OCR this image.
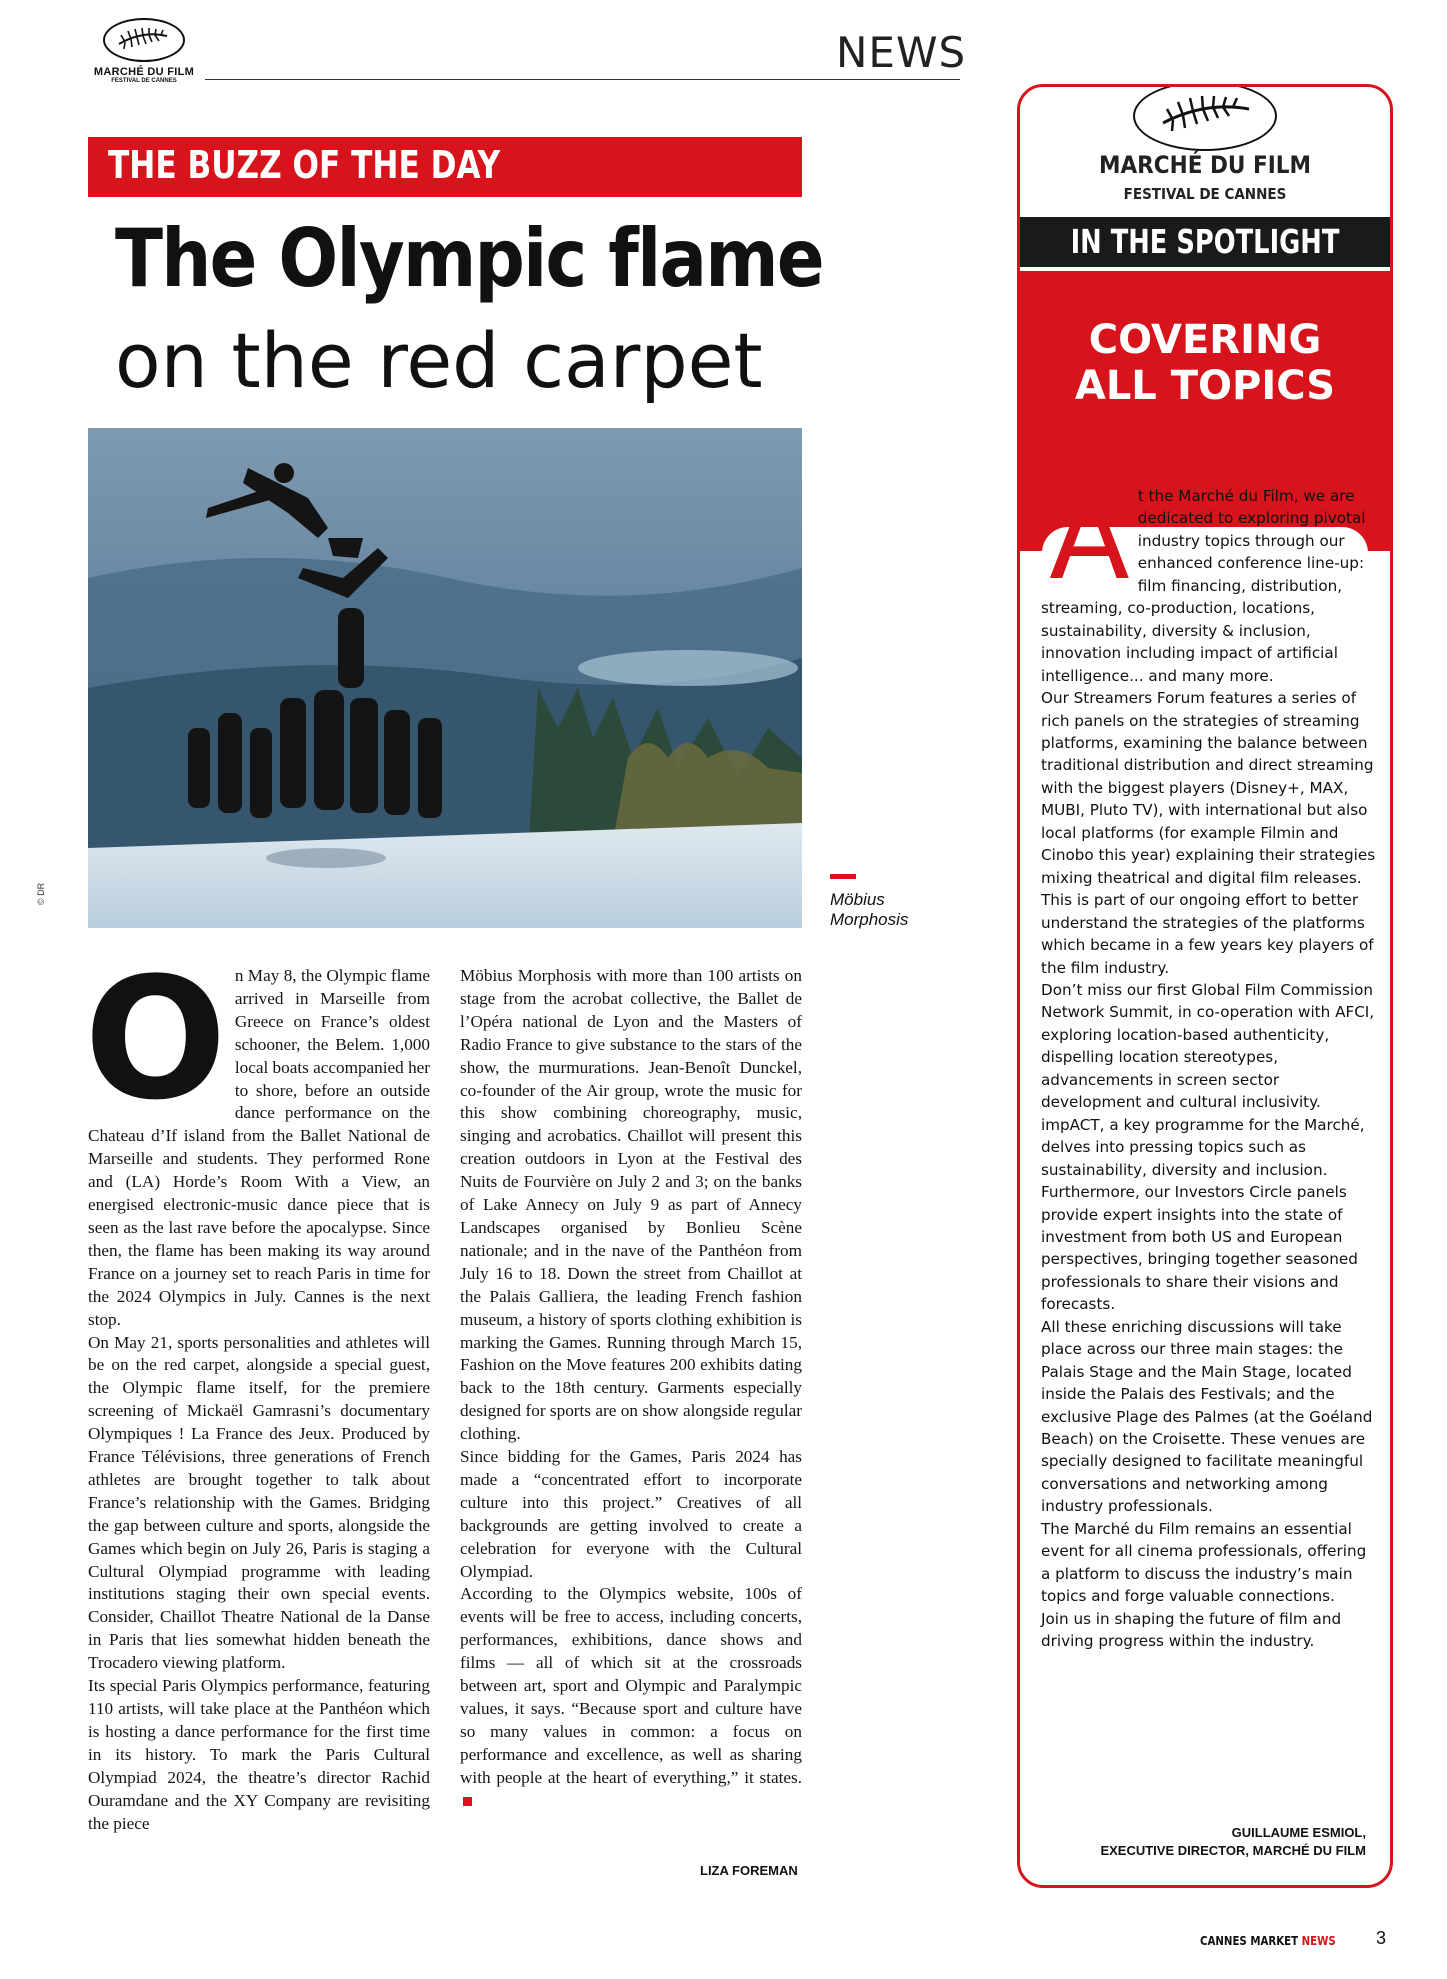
MARCHÉ DU FILM
FESTIVAL DE CANNES
NEWS
THE BUZZ OF THE DAY
The Olympic flame
on the red carpet
© DR	Möbius Morphosis
O n May 8, the Olympic flame arrived in Marseille from Greece on France’s oldest schooner, the Belem. 1,000 local boats accompanied her to shore, before an outside dance performance on the Chateau d’If island from the Ballet National de Marseille and students. They performed Rone and (LA) Horde’s Room With a View, an energised electronic-music dance piece that is seen as the last rave before the apocalypse. Since then, the flame has been making its way around France on a journey set to reach Paris in time for the 2024 Olympics in July. Cannes is the next stop.

On May 21, sports personalities and athletes will be on the red carpet, alongside a special guest, the Olympic flame itself, for the premiere screening of Mickaël Gamrasni’s documentary Olympiques ! La France des Jeux. Produced by France Télévisions, three generations of French athletes are brought together to talk about France’s relationship with the Games. Bridging the gap between culture and sports, alongside the Games which begin on July 26, Paris is staging a Cultural Olympiad programme with leading institutions staging their own special events. Consider, Chaillot Theatre National de la Danse in Paris that lies somewhat hidden beneath the Trocadero viewing platform.

Its special Paris Olympics performance, featuring 110 artists, will take place at the Panthéon which is hosting a dance performance for the first time in its history. To mark the Paris Cultural Olympiad 2024, the theatre’s director Rachid Ouramdane and the XY Company are revisiting the piece

Möbius Morphosis with more than 100 artists on stage from the acrobat collective, the Ballet de l’Opéra national de Lyon and the Masters of Radio France to give substance to the stars of the show, the murmurations. Jean-Benoît Dunckel, co-founder of the Air group, wrote the music for this show combining choreography, music, singing and acrobatics. Chaillot will present this creation outdoors in Lyon at the Festival des Nuits de Fourvière on July 2 and 3; on the banks of Lake Annecy on July 9 as part of Annecy Landscapes organised by Bonlieu Scène nationale; and in the nave of the Panthéon from July 16 to 18. Down the street from Chaillot at the Palais Galliera, the leading French fashion museum, a history of sports clothing exhibition is marking the Games. Running through March 15, Fashion on the Move features 200 exhibits dating back to the 18th century. Garments especially designed for sports are on show alongside regular clothing.

Since bidding for the Games, Paris 2024 has made a “concentrated effort to incorporate culture into this project.” Creatives of all backgrounds are getting involved to create a celebration for everyone with the Cultural Olympiad.

According to the Olympics website, 100s of events will be free to access, including concerts, performances, exhibitions, dance shows and films — all of which sit at the crossroads between art, sport and Olympic and Paralympic values, it says. “Because sport and culture have so many values in common: a focus on performance and excellence, as well as sharing with people at the heart of everything,” it states.

LIZA FOREMAN
MARCHÉ DU FILM
FESTIVAL DE CANNES
IN THE SPOTLIGHT
COVERING
ALL TOPICS
A t the Marché du Film, we are dedicated to exploring pivotal industry topics through our enhanced conference line-up: film financing, distribution, streaming, co-production, locations, sustainability, diversity & inclusion, innovation including impact of artificial intelligence... and many more.

Our Streamers Forum features a series of rich panels on the strategies of streaming platforms, examining the balance between traditional distribution and direct streaming with the biggest players (Disney+, MAX, MUBI, Pluto TV), with international but also local platforms (for example Filmin and Cinobo this year) explaining their strategies mixing theatrical and digital film releases. This is part of our ongoing effort to better understand the strategies of the platforms which became in a few years key players of the film industry.

Don’t miss our first Global Film Commission Network Summit, in co-operation with AFCI, exploring location-based authenticity, dispelling location stereotypes, advancements in screen sector development and cultural inclusivity.

impACT, a key programme for the Marché, delves into pressing topics such as sustainability, diversity and inclusion. Furthermore, our Investors Circle panels provide expert insights into the state of investment from both US and European perspectives, bringing together seasoned professionals to share their visions and forecasts.

All these enriching discussions will take place across our three main stages: the Palais Stage and the Main Stage, located inside the Palais des Festivals; and the exclusive Plage des Palmes (at the Goéland Beach) on the Croisette. These venues are specially designed to facilitate meaningful conversations and networking among industry professionals.

The Marché du Film remains an essential event for all cinema professionals, offering a platform to discuss the industry’s main topics and forge valuable connections.

Join us in shaping the future of film and driving progress within the industry.

GUILLAUME ESMIOL,
EXECUTIVE DIRECTOR, MARCHÉ DU FILM
CANNES MARKET NEWS 3
